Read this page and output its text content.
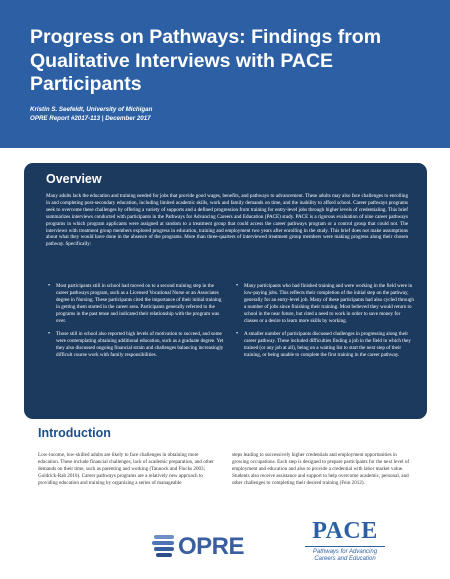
Progress on Pathways: Findings from Qualitative Interviews with PACE Participants
Kristin S. Seefeldt, University of Michigan
OPRE Report #2017-113 | December 2017
Overview

Many adults lack the education and training needed for jobs that provide good wages, benefits, and pathways to advancement. These adults may also face challenges to enrolling in and completing post-secondary education, including limited academic skills, work and family demands on time, and the inability to afford school. Career pathways programs seek to overcome these challenges by offering a variety of supports and a defined progression from training for entry-level jobs through higher levels of credentialing. This brief summarizes interviews conducted with participants in the Pathways for Advancing Careers and Education (PACE) study. PACE is a rigorous evaluation of nine career pathways programs in which program applicants were assigned at random to a treatment group that could access the career pathways program or a control group that could not. The interviews with treatment group members explored progress in education, training and employment two years after enrolling in the study. This brief does not make assumptions about what they would have done in the absence of the programs. More than three-quarters of interviewed treatment group members were making progress along their chosen pathway. Specifically:

• Most participants still in school had moved on to a second training step in the career pathways program, such as a Licensed Vocational Nurse or an Associates degree in Nursing. These participants cited the importance of their initial training in getting them started in the career area. Participants generally referred to the programs in the past tense and indicated their relationship with the program was over.
• Those still in school also reported high levels of motivation to succeed, and some were contemplating obtaining additional education, such as a graduate degree. Yet they also discussed ongoing financial strain and challenges balancing increasingly difficult course work with family responsibilities.
• Many participants who had finished training and were working in the field were in low-paying jobs. This reflects their completion of the initial step on the pathway, generally for an entry-level job. Many of these participants had also cycled through a number of jobs since finishing their training. Most believed they would return to school in the near future, but cited a need to work in order to save money for classes or a desire to learn more skills by working.
• A smaller number of participants discussed challenges in progressing along their career pathway. These included difficulties finding a job in the field in which they trained (or any job at all), being on a waiting list to start the next step of their training, or being unable to complete the first training in the career pathway.
Introduction

Low-income, low-skilled adults are likely to face challenges in obtaining more education. These include financial challenges, lack of academic preparation, and other demands on their time, such as parenting and working (Tannock and Flocks 2003; Goldrick-Rab 2010). Career pathways programs are a relatively new approach to providing education and training by organizing a series of manageable

steps leading to successively higher credentials and employment opportunities in growing occupations. Each step is designed to prepare participants for the next level of employment and education and also to provide a credential with labor market value. Students also receive assistance and support to help overcome academic, personal, and other challenges to completing their desired training (Fein 2012).

OPRE
PACE
Pathways for Advancing
Careers and Education
